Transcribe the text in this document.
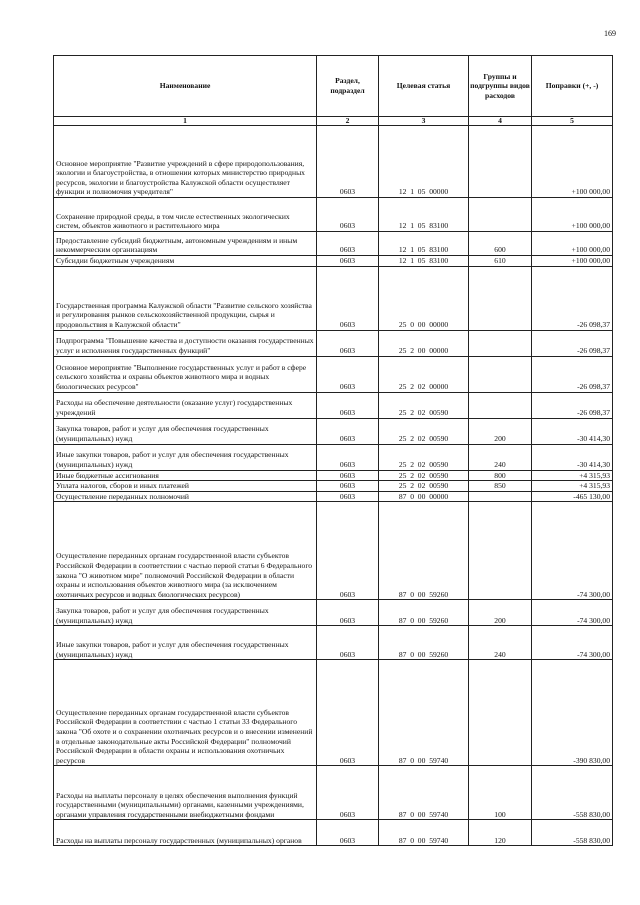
169
Наименование	Раздел, подраздел	Целевая статья	Группы и подгруппы видов расходов	Поправки (+, -)
1	2	3	4	5
Основное мероприятие "Развитие учреждений в сфере природопользования, экологии и благоустройства, в отношении которых министерство природных ресурсов, экологии и благоустройства Калужской области осуществляет функции и полномочия учредителя"	0603	12  1  05  00000		+100 000,00
Сохранение природной среды, в том числе естественных экологических систем, объектов животного и растительного мира	0603	12  1  05  83100		+100 000,00
Предоставление субсидий бюджетным, автономным учреждениям и иным некоммерческим организациям	0603	12  1  05  83100	600	+100 000,00
Субсидии бюджетным учреждениям	0603	12  1  05  83100	610	+100 000,00
Государственная программа Калужской области "Развитие сельского хозяйства и регулирования рынков сельскохозяйственной продукции, сырья и продовольствия в Калужской области"	0603	25  0  00  00000		-26 098,37
Подпрограмма "Повышение качества и доступности оказания государственных услуг и исполнения государственных функций"	0603	25  2  00  00000		-26 098,37
Основное мероприятие "Выполнение государственных услуг и работ в сфере сельского хозяйства и охраны объектов животного мира и водных биологических ресурсов"	0603	25  2  02  00000		-26 098,37
Расходы на обеспечение деятельности (оказание услуг) государственных учреждений	0603	25  2  02  00590		-26 098,37
Закупка товаров, работ и услуг для обеспечения государственных (муниципальных) нужд	0603	25  2  02  00590	200	-30 414,30
Иные закупки товаров, работ и услуг для обеспечения государственных (муниципальных) нужд	0603	25  2  02  00590	240	-30 414,30
Иные бюджетные ассигнования	0603	25  2  02  00590	800	+4 315,93
Уплата налогов, сборов и иных платежей	0603	25  2  02  00590	850	+4 315,93
Осуществление переданных полномочий	0603	87  0  00  00000		-465 130,00
Осуществление переданных органам государственной власти субъектов Российской Федерации в соответствии с частью первой статьи 6 Федерального закона "О животном мире" полномочий Российской Федерации в области охраны и использования объектов животного мира (за исключением охотничьих ресурсов и водных биологических ресурсов)	0603	87  0  00  59260		-74 300,00
Закупка товаров, работ и услуг для обеспечения государственных (муниципальных) нужд	0603	87  0  00  59260	200	-74 300,00
Иные закупки товаров, работ и услуг для обеспечения государственных (муниципальных) нужд	0603	87  0  00  59260	240	-74 300,00
Осуществление переданных органам государственной власти субъектов Российской Федерации в соответствии с частью 1 статьи 33 Федерального закона "Об охоте и о сохранении охотничьих ресурсов и о внесении изменений в отдельные законодательные акты Российской Федерации" полномочий Российской Федерации в области охраны и использования охотничьих ресурсов	0603	87  0  00  59740		-390 830,00
Расходы на выплаты персоналу в целях обеспечения выполнения функций государственными (муниципальными) органами, казенными учреждениями, органами управления государственными внебюджетными фондами	0603	87  0  00  59740	100	-558 830,00
Расходы на выплаты персоналу государственных (муниципальных) органов	0603	87  0  00  59740	120	-558 830,00
